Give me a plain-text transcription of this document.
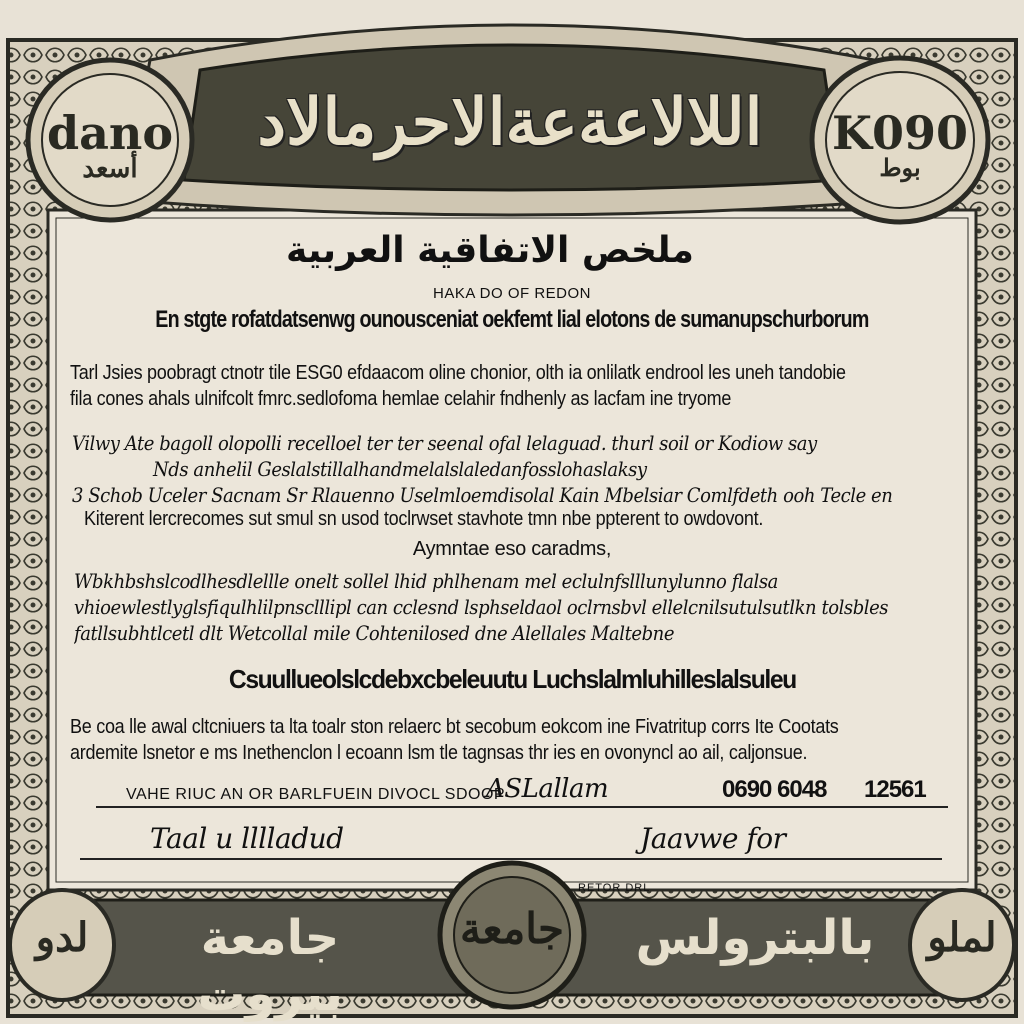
dano
أسعد
K090
بوط
اللالاعةعةالاحرمالاد
ملخص الاتفاقية العربية
HAKA DO OF REDON
En stgte rofatdatsenwg ounousceniat oekfemt lial elotons de sumanupschurborum
Tarl Jsies poobragt ctnotr tile ESG0 efdaacom oline chonior, olth ia onlilatk endrool les uneh tandobie fila cones ahals ulnifcolt fmrc.sedlofoma hemlae celahir fndhenly as lacfam ine tryome
Vilwy Ate bagoll olopolli recelloel ter ter seenal ofal lelaguad. thurl soil or Kodiow say Nds anhelil Geslalstillalhandmelalslaledanfosslohaslaksy 3 Schob Uceler Sacnam Sr Rlauenno Uselmloemdisolal Kain Mbelsiar Comlfdeth ooh Tecle en
Kiterent lercrecomes sut smul sn usod toclrwset stavhote tmn nbe ppterent to owdovont.
Aymntae eso caradms,
Wbkhbshslcodlhesdlellle onelt sollel lhid phlhenam mel eclulnfslllunylunno flalsa vhioewlestlyglsfiqulhlilpnsclllipl can cclesnd lsphseldaol oclrnsbvl ellelcnilsutulsutlkn tolsbles fatllsubhtlcetl dlt Wetcollal mile Cohtenilosed dne Alellales Maltebne
Csuullueolslcdebxcbeleuutu Luchslalmluhilleslalsuleu
Be coa lle awal cltcniuers ta lta toalr ston relaerc bt secobum eokcom ine Fivatritup corrs Ite Cootats ardemite lsnetor e ms Inethenclon l ecoann lsm tle tagnsas thr ies en ovonyncl ao ail, caljonsue.
VAHE RIUC AN OR BARLFUEIN DIVOCL SDOOP
ASLallam	0690 6048 12561
Taal u lllladud	Jaavwe for
RETOR DRL
جامعة بيروت
بالبترولس
لدو	لملو
جامعة
